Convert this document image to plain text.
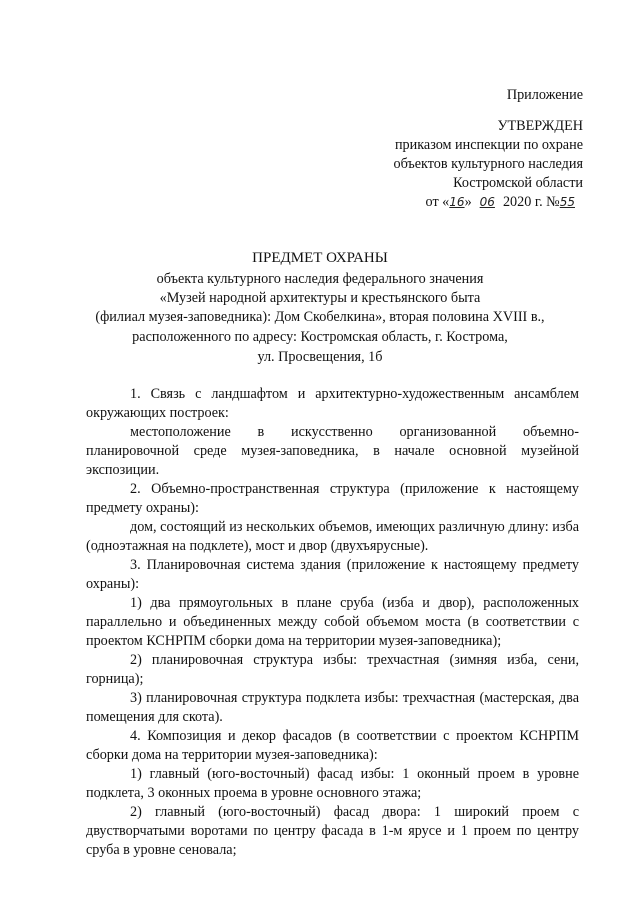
Приложение
УТВЕРЖДЕН
приказом инспекции по охране
объектов культурного наследия
Костромской области
от «16» 06 2020 г. №55
ПРЕДМЕТ ОХРАНЫ
объекта культурного наследия федерального значения
«Музей народной архитектуры и крестьянского быта
(филиал музея-заповедника): Дом Скобелкина», вторая половина XVIII в.,
расположенного по адресу: Костромская область, г. Кострома,
ул. Просвещения, 1б

1. Связь с ландшафтом и архитектурно-художественным ансамблем окружающих построек:

местоположение в искусственно организованной объемно-планировочной среде музея-заповедника, в начале основной музейной экспозиции.

2. Объемно-пространственная структура (приложение к настоящему предмету охраны):

дом, состоящий из нескольких объемов, имеющих различную длину: изба (одноэтажная на подклете), мост и двор (двухъярусные).

3. Планировочная система здания (приложение к настоящему предмету охраны):

1) два прямоугольных в плане сруба (изба и двор), расположенных параллельно и объединенных между собой объемом моста (в соответствии с проектом КСНРПМ сборки дома на территории музея-заповедника);

2) планировочная структура избы: трехчастная (зимняя изба, сени, горница);

3) планировочная структура подклета избы: трехчастная (мастерская, два помещения для скота).

4. Композиция и декор фасадов (в соответствии с проектом КСНРПМ сборки дома на территории музея-заповедника):

1) главный (юго-восточный) фасад избы: 1 оконный проем в уровне подклета, 3 оконных проема в уровне основного этажа;

2) главный (юго-восточный) фасад двора: 1 широкий проем с двустворчатыми воротами по центру фасада в 1-м ярусе и 1 проем по центру сруба в уровне сеновала;
